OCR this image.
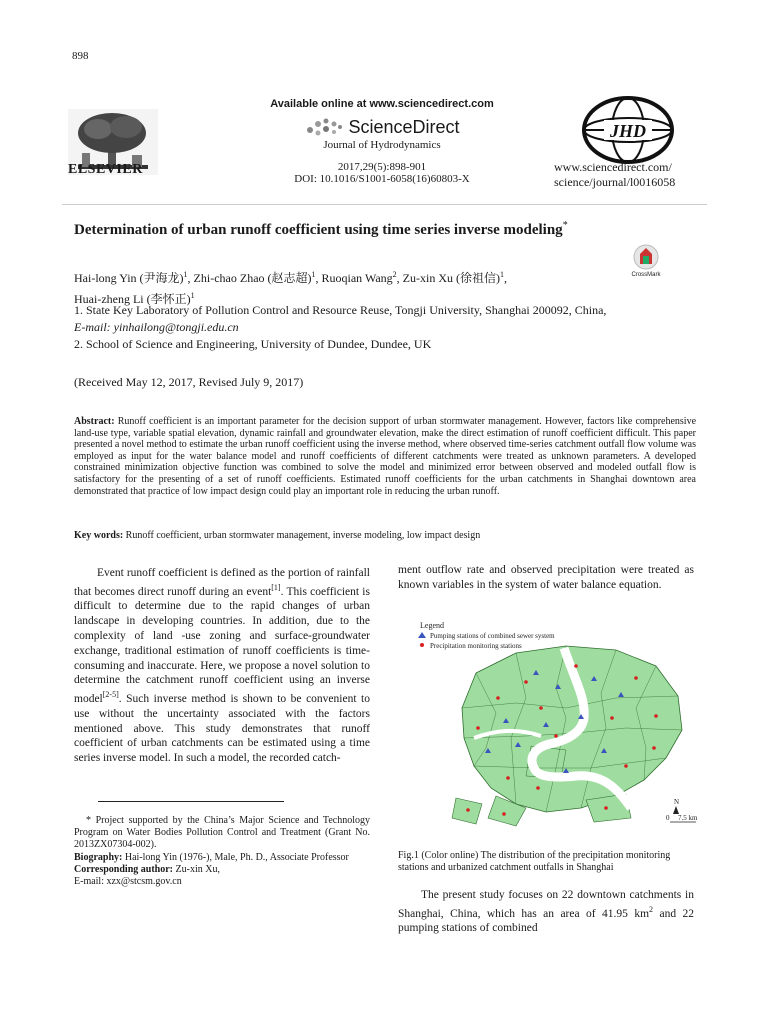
898
ELSEVIER
Available online at www.sciencedirect.com
ScienceDirect
Journal of Hydrodynamics
2017,29(5):898-901
DOI: 10.1016/S1001-6058(16)60803-X
JHD
www.sciencedirect.com/
science/journal/l0016058
Determination of urban runoff coefficient using time series inverse modeling*
CrossMark
Hai-long Yin (尹海龙)$^1$, Zhi-chao Zhao (赵志超)$^1$, Ruoqian Wang$^2$, Zu-xin Xu (徐祖信)$^1$,
Huai-zheng Li (李怀正)$^1$
1. State Key Laboratory of Pollution Control and Resource Reuse, Tongji University, Shanghai 200092, China,
E-mail: yinhailong@tongji.edu.cn
2. School of Science and Engineering, University of Dundee, Dundee, UK
(Received May 12, 2017, Revised July 9, 2017)
Abstract: Runoff coefficient is an important parameter for the decision support of urban stormwater management. However, factors like comprehensive land-use type, variable spatial elevation, dynamic rainfall and groundwater elevation, make the direct estimation of runoff coefficient difficult. This paper presented a novel method to estimate the urban runoff coefficient using the inverse method, where observed time-series catchment outfall flow volume was employed as input for the water balance model and runoff coefficients of different catchments were treated as unknown parameters. A developed constrained minimization objective function was combined to solve the model and minimized error between observed and modeled outfall flow is satisfactory for the presenting of a set of runoff coefficients. Estimated runoff coefficients for the urban catchments in Shanghai downtown area demonstrated that practice of low impact design could play an important role in reducing the urban runoff.
Key words: Runoff coefficient, urban stormwater management, inverse modeling, low impact design
Event runoff coefficient is defined as the portion of rainfall that becomes direct runoff during an event[1]. This coefficient is difficult to determine due to the rapid changes of urban landscape in developing countries. In addition, due to the complexity of land -use zoning and surface-groundwater exchange, traditional estimation of runoff coefficients is time-consuming and inaccurate. Here, we propose a novel solution to determine the catchment runoff coefficient using an inverse model[2-5]. Such inverse method is shown to be convenient to use without the uncertainty associated with the factors mentioned above. This study demonstrates that runoff coefficient of urban catchments can be estimated using a time series inverse model. In such a model, the recorded catch-
* Project supported by the China’s Major Science and Technology Program on Water Bodies Pollution Control and Treatment (Grant No. 2013ZX07304-002).
Biography: Hai-long Yin (1976-), Male, Ph. D., Associate Professor
Corresponding author: Zu-xin Xu,
E-mail: xzx@stcsm.gov.cn
ment outflow rate and observed precipitation were treated as known variables in the system of water balance equation.
Legend
Pumping stations of combined sewer system
Precipitation monitoring stations
N
0 7.5 km
Fig.1 (Color online) The distribution of the precipitation monitoring stations and urbanized catchment outfalls in Shanghai
The present study focuses on 22 downtown catchments in Shanghai, China, which has an area of 41.95 $km^2$ and 22 pumping stations of combined
